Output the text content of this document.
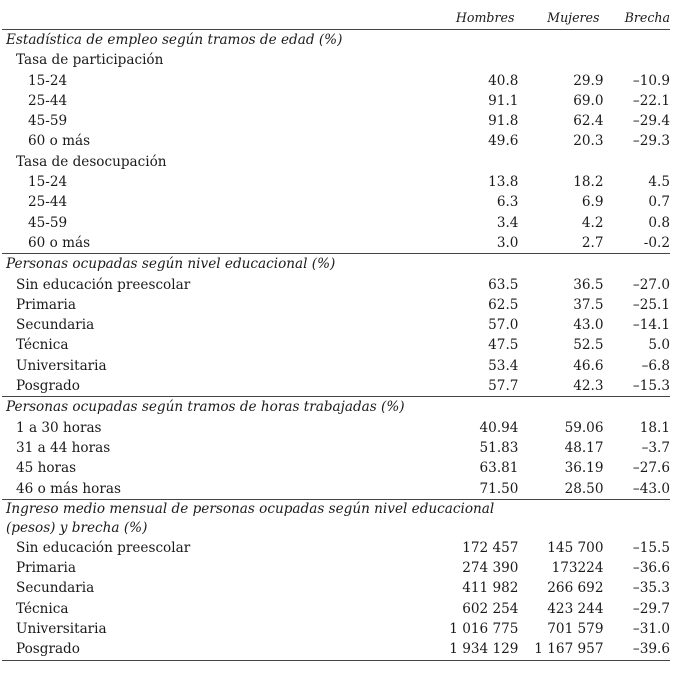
	Hombres	Mujeres	Brecha
Estadística de empleo según tramos de edad (%)			
Tasa de participación			
15-24	40.8	29.9	–10.9
25-44	91.1	69.0	–22.1
45-59	91.8	62.4	–29.4
60 o más	49.6	20.3	–29.3
Tasa de desocupación			
15-24	13.8	18.2	4.5
25-44	6.3	6.9	0.7
45-59	3.4	4.2	0.8
60 o más	3.0	2.7	-0.2
Personas ocupadas según nivel educacional (%)			
Sin educación preescolar	63.5	36.5	–27.0
Primaria	62.5	37.5	–25.1
Secundaria	57.0	43.0	–14.1
Técnica	47.5	52.5	5.0
Universitaria	53.4	46.6	–6.8
Posgrado	57.7	42.3	–15.3
Personas ocupadas según tramos de horas trabajadas (%)			
1 a 30 horas	40.94	59.06	18.1
31 a 44 horas	51.83	48.17	–3.7
45 horas	63.81	36.19	–27.6
46 o más horas	71.50	28.50	–43.0
Ingreso medio mensual de personas ocupadas según nivel educacional (pesos) y brecha (%)			
Sin educación preescolar	172 457	145 700	–15.5
Primaria	274 390	173224	–36.6
Secundaria	411 982	266 692	–35.3
Técnica	602 254	423 244	–29.7
Universitaria	1 016 775	701 579	–31.0
Posgrado	1 934 129	1 167 957	–39.6
